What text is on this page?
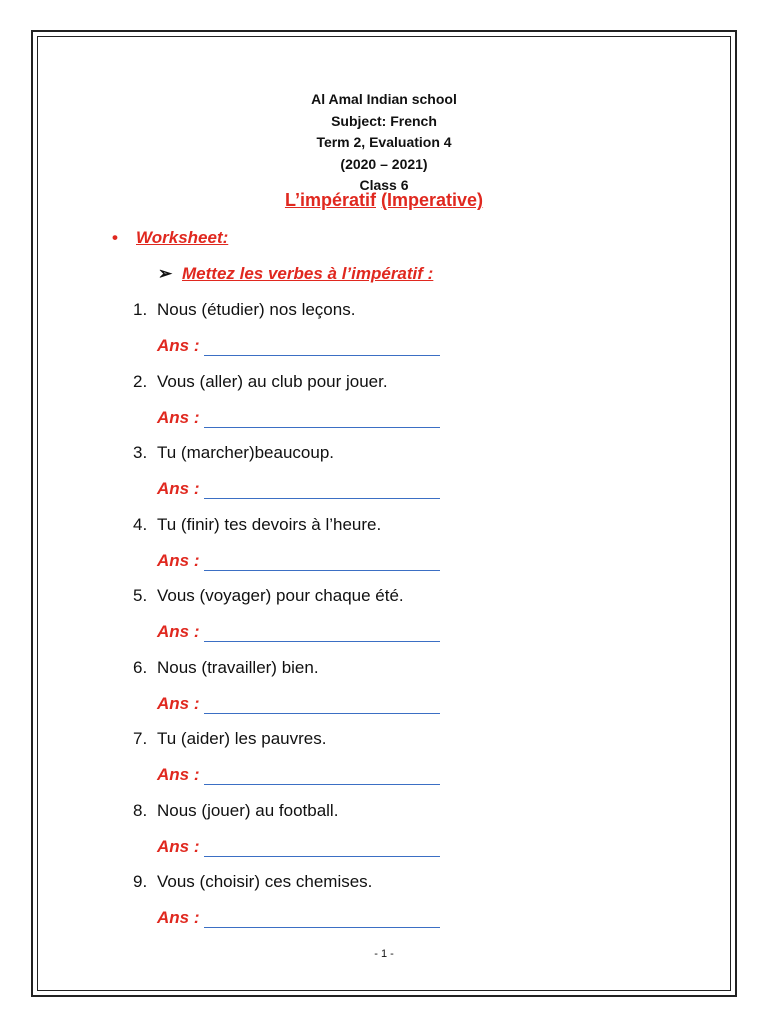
Al Amal Indian school
Subject: French
Term 2, Evaluation 4
(2020 – 2021)
Class 6
L’impératif (Imperative)
• Worksheet:
➢ Mettez les verbes à l’impératif :
1. Nous (étudier) nos leçons.
Ans :
2. Vous (aller) au club pour jouer.
Ans :
3. Tu (marcher)beaucoup.
Ans :
4. Tu (finir) tes devoirs à l’heure.
Ans :
5. Vous (voyager) pour chaque été.
Ans :
6. Nous (travailler) bien.
Ans :
7. Tu (aider) les pauvres.
Ans :
8. Nous (jouer) au football.
Ans :
9. Vous (choisir) ces chemises.
Ans :
- 1 -
